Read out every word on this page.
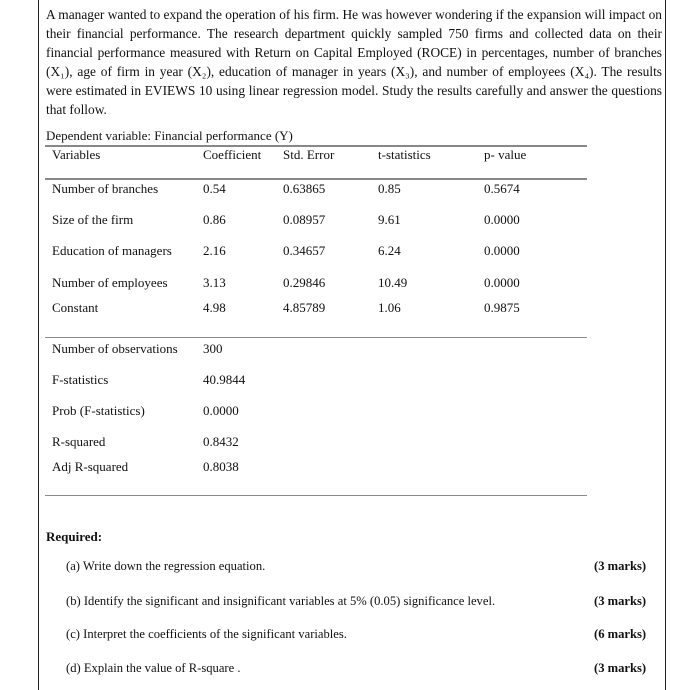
A manager wanted to expand the operation of his firm. He was however wondering if the expansion will impact on their financial performance. The research department quickly sampled 750 firms and collected data on their financial performance measured with Return on Capital Employed (ROCE) in percentages, number of branches (X₁), age of firm in year (X₂), education of manager in years (X₃), and number of employees (X₄). The results were estimated in EVIEWS 10 using linear regression model. Study the results carefully and answer the questions that follow.
Dependent variable: Financial performance (Y)
Variables	Coefficient Std. Error	t-statistics	p- value
Number of branches	0.54	0.63865	0.85	0.5674
Size of the firm	0.86	0.08957	9.61	0.0000
Education of managers 2.16	0.34657	6.24	0.0000
Number of employees	3.13	0.29846	10.49	0.0000
Constant	4.98	4.85789	1.06	0.9875
Number of observations 300
F-statistics	40.9844
Prob (F-statistics)	0.0000
R-squared	0.8432
Adj R-squared	0.8038
Required:
(a) Write down the regression equation.	(3 marks)
(b) Identify the significant and insignificant variables at 5% (0.05) significance level.	(3 marks)
(c) Interpret the coefficients of the significant variables.	(6 marks)
(d) Explain the value of R-square .	(3 marks)
